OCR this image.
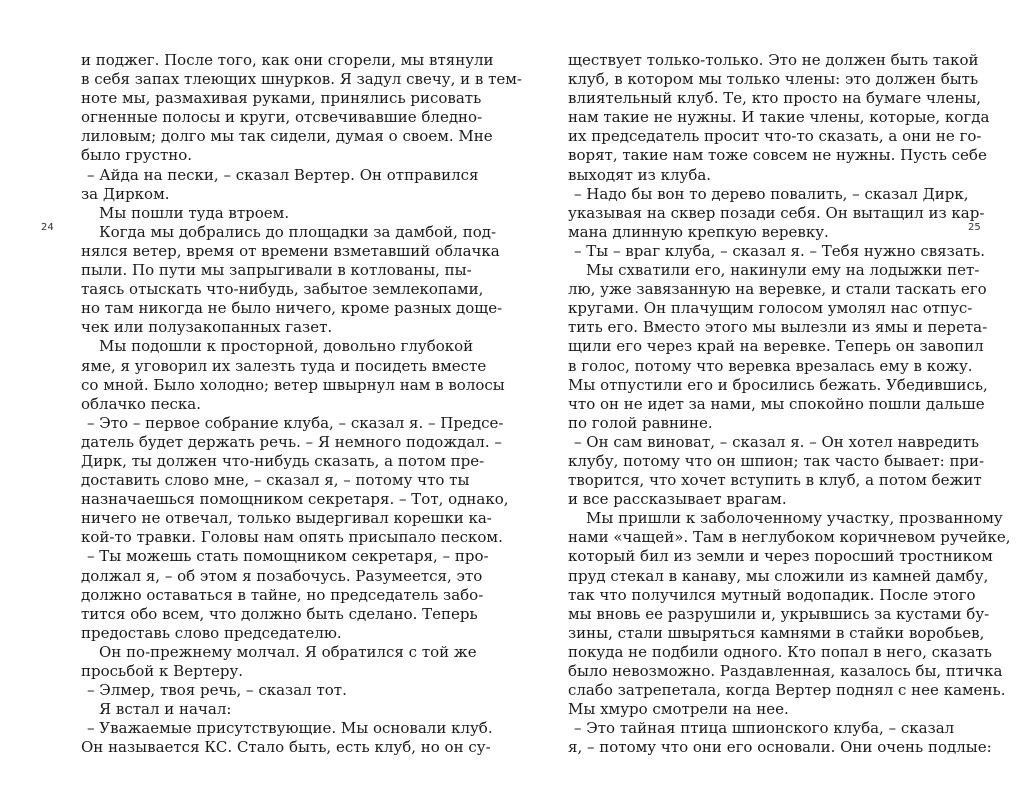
24	25
и поджег. После того, как они сгорели, мы втянули
в себя запах тлеющих шнурков. Я задул свечу, и в тем-
ноте мы, размахивая руками, принялись рисовать
огненные полосы и круги, отсвечивавшие бледно-
лиловым; долго мы так сидели, думая о своем. Мне
было грустно.
– Айда на пески, – сказал Вертер. Он отправился
за Дирком.
Мы пошли туда втроем.
Когда мы добрались до площадки за дамбой, под-
нялся ветер, время от времени взметавший облачка
пыли. По пути мы запрыгивали в котлованы, пы-
таясь отыскать что-нибудь, забытое землекопами,
но там никогда не было ничего, кроме разных доще-
чек или полузакопанных газет.
Мы подошли к просторной, довольно глубокой
яме, я уговорил их залезть туда и посидеть вместе
со мной. Было холодно; ветер швырнул нам в волосы
облачко песка.
– Это – первое собрание клуба, – сказал я. – Предсе-
датель будет держать речь. – Я немного подождал. –
Дирк, ты должен что-нибудь сказать, а потом пре-
доставить слово мне, – сказал я, – потому что ты
назначаешься помощником секретаря. – Тот, однако,
ничего не отвечал, только выдергивал корешки ка-
кой-то травки. Головы нам опять присыпало песком.
– Ты можешь стать помощником секретаря, – про-
должал я, – об этом я позабочусь. Разумеется, это
должно оставаться в тайне, но председатель забо-
тится обо всем, что должно быть сделано. Теперь
предоставь слово председателю.
Он по-прежнему молчал. Я обратился с той же
просьбой к Вертеру.
– Элмер, твоя речь, – сказал тот.
Я встал и начал:
– Уважаемые присутствующие. Мы основали клуб.
Он называется КС. Стало быть, есть клуб, но он су-
ществует только-только. Это не должен быть такой
клуб, в котором мы только члены: это должен быть
влиятельный клуб. Те, кто просто на бумаге члены,
нам такие не нужны. И такие члены, которые, когда
их председатель просит что-то сказать, а они не го-
ворят, такие нам тоже совсем не нужны. Пусть себе
выходят из клуба.
– Надо бы вон то дерево повалить, – сказал Дирк,
указывая на сквер позади себя. Он вытащил из кар-
мана длинную крепкую веревку.
– Ты – враг клуба, – сказал я. – Тебя нужно связать.
Мы схватили его, накинули ему на лодыжки пет-
лю, уже завязанную на веревке, и стали таскать его
кругами. Он плачущим голосом умолял нас отпус-
тить его. Вместо этого мы вылезли из ямы и перета-
щили его через край на веревке. Теперь он завопил
в голос, потому что веревка врезалась ему в кожу.
Мы отпустили его и бросились бежать. Убедившись,
что он не идет за нами, мы спокойно пошли дальше
по голой равнине.
– Он сам виноват, – сказал я. – Он хотел навредить
клубу, потому что он шпион; так часто бывает: при-
творится, что хочет вступить в клуб, а потом бежит
и все рассказывает врагам.
Мы пришли к заболоченному участку, прозванному
нами «чащей». Там в неглубоком коричневом ручейке,
который бил из земли и через поросший тростником
пруд стекал в канаву, мы сложили из камней дамбу,
так что получился мутный водопадик. После этого
мы вновь ее разрушили и, укрывшись за кустами бу-
зины, стали швыряться камнями в стайки воробьев,
покуда не подбили одного. Кто попал в него, сказать
было невозможно. Раздавленная, казалось бы, птичка
слабо затрепетала, когда Вертер поднял с нее камень.
Мы хмуро смотрели на нее.
– Это тайная птица шпионского клуба, – сказал
я, – потому что они его основали. Они очень подлые:
